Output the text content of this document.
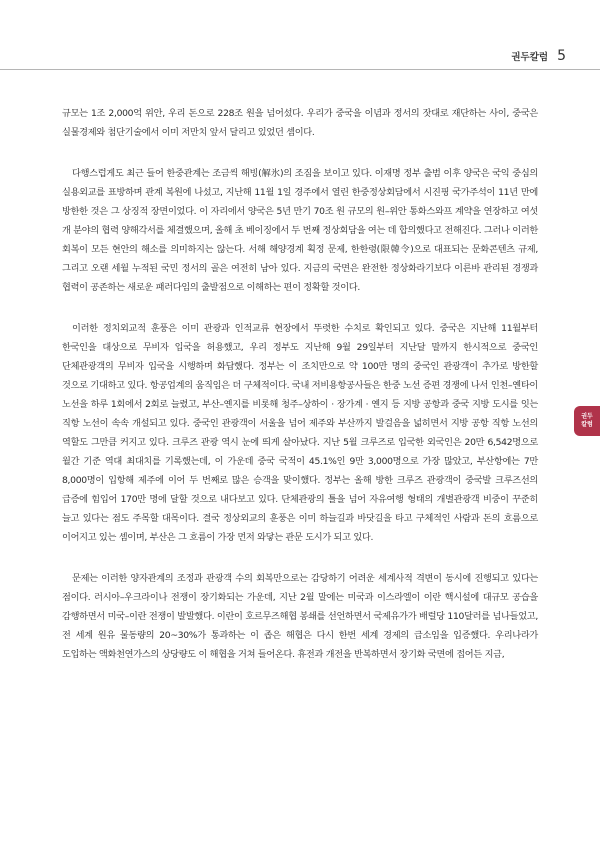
권두칼럼 5
권두
칼럼

규모는 1조 2,000억 위안, 우리 돈으로 228조 원을 넘어섰다. 우리가 중국을 이념과 정서의 잣대로 재단하는 사이, 중국은 실물경제와 첨단기술에서 이미 저만치 앞서 달리고 있었던 셈이다.

다행스럽게도 최근 들어 한중관계는 조금씩 해빙(解氷)의 조짐을 보이고 있다. 이재명 정부 출범 이후 양국은 국익 중심의 실용외교를 표방하며 관계 복원에 나섰고, 지난해 11월 1일 경주에서 열린 한중정상회담에서 시진핑 국가주석이 11년 만에 방한한 것은 그 상징적 장면이었다. 이 자리에서 양국은 5년 만기 70조 원 규모의 원–위안 통화스와프 계약을 연장하고 여섯 개 분야의 협력 양해각서를 체결했으며, 올해 초 베이징에서 두 번째 정상회담을 여는 데 합의했다고 전해진다. 그러나 이러한 회복이 모든 현안의 해소를 의미하지는 않는다. 서해 해양경계 획정 문제, 한한령(限韓令)으로 대표되는 문화콘텐츠 규제, 그리고 오랜 세월 누적된 국민 정서의 골은 여전히 남아 있다. 지금의 국면은 완전한 정상화라기보다 이른바 관리된 경쟁과 협력이 공존하는 새로운 패러다임의 출발점으로 이해하는 편이 정확할 것이다.

이러한 정치외교적 훈풍은 이미 관광과 인적교류 현장에서 뚜렷한 수치로 확인되고 있다. 중국은 지난해 11월부터 한국인을 대상으로 무비자 입국을 허용했고, 우리 정부도 지난해 9월 29일부터 지난달 말까지 한시적으로 중국인 단체관광객의 무비자 입국을 시행하며 화답했다. 정부는 이 조치만으로 약 100만 명의 중국인 관광객이 추가로 방한할 것으로 기대하고 있다. 항공업계의 움직임은 더 구체적이다. 국내 저비용항공사들은 한중 노선 증편 경쟁에 나서 인천–옌타이 노선을 하루 1회에서 2회로 늘렸고, 부산–옌지를 비롯해 청주–상하이 · 장가계 · 옌지 등 지방 공항과 중국 지방 도시를 잇는 직항 노선이 속속 개설되고 있다. 중국인 관광객이 서울을 넘어 제주와 부산까지 발걸음을 넓히면서 지방 공항 직항 노선의 역할도 그만큼 커지고 있다. 크루즈 관광 역시 눈에 띄게 살아났다. 지난 5월 크루즈로 입국한 외국인은 20만 6,542명으로 월간 기준 역대 최대치를 기록했는데, 이 가운데 중국 국적이 45.1%인 9만 3,000명으로 가장 많았고, 부산항에는 7만 8,000명이 입항해 제주에 이어 두 번째로 많은 승객을 맞이했다. 정부는 올해 방한 크루즈 관광객이 중국발 크루즈선의 급증에 힘입어 170만 명에 달할 것으로 내다보고 있다. 단체관광의 틀을 넘어 자유여행 형태의 개별관광객 비중이 꾸준히 늘고 있다는 점도 주목할 대목이다. 결국 정상외교의 훈풍은 이미 하늘길과 바닷길을 타고 구체적인 사람과 돈의 흐름으로 이어지고 있는 셈이며, 부산은 그 흐름이 가장 먼저 와닿는 관문 도시가 되고 있다.

문제는 이러한 양자관계의 조정과 관광객 수의 회복만으로는 감당하기 어려운 세계사적 격변이 동시에 진행되고 있다는 점이다. 러시아–우크라이나 전쟁이 장기화되는 가운데, 지난 2월 말에는 미국과 이스라엘이 이란 핵시설에 대규모 공습을 감행하면서 미국–이란 전쟁이 발발했다. 이란이 호르무즈해협 봉쇄를 선언하면서 국제유가가 배럴당 110달러를 넘나들었고, 전 세계 원유 물동량의 20~30%가 통과하는 이 좁은 해협은 다시 한번 세계 경제의 급소임을 입증했다. 우리나라가 도입하는 액화천연가스의 상당량도 이 해협을 거쳐 들어온다. 휴전과 개전을 반복하면서 장기화 국면에 접어든 지금,
